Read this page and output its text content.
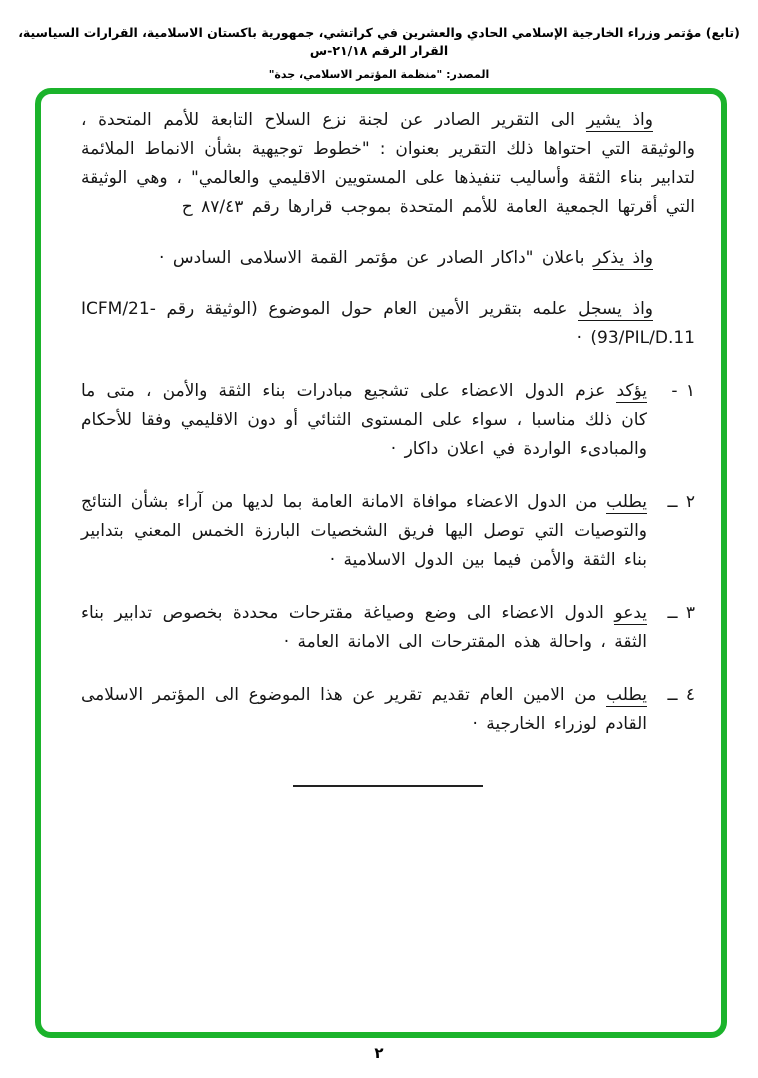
(تابع) مؤتمر وزراء الخارجية الإسلامي الحادي والعشرين في كراتشي، جمهورية باكستان الاسلامية، القرارات السياسية، القرار الرقم ٢١/١٨-س
المصدر: "منظمة المؤتمر الاسلامي، جدة"

واذ يشير الى التقرير الصادر عن لجنة نزع السلاح التابعة للأمم المتحدة ، والوثيقة التي احتواها ذلك التقرير بعنوان : "خطوط توجيهية بشأن الانماط الملائمة لتدابير بناء الثقة وأساليب تنفيذها على المستويين الاقليمي والعالمي" ، وهي الوثيقة التي أقرتها الجمعية العامة للأمم المتحدة بموجب قرارها رقم ٨٧/٤٣ ح

واذ يذكر باعلان "داكار الصادر عن مؤتمر القمة الاسلامى السادس ·

واذ يسجل علمه بتقرير الأمين العام حول الموضوع (الوثيقة رقم ICFM/21-93/PIL/D.11) ·

١ -

يؤكد عزم الدول الاعضاء على تشجيع مبادرات بناء الثقة والأمن ، متى ما كان ذلك مناسبا ، سواء على المستوى الثنائي أو دون الاقليمي وفقا للأحكام والمبادىء الواردة في اعلان داكار ·

٢ ــ

يطلب من الدول الاعضاء موافاة الامانة العامة بما لديها من آراء بشأن النتائج والتوصيات التي توصل اليها فريق الشخصيات البارزة الخمس المعني بتدابير بناء الثقة والأمن فيما بين الدول الاسلامية ·

٣ ــ

يدعو الدول الاعضاء الى وضع وصياغة مقترحات محددة بخصوص تدابير بناء الثقة ، واحالة هذه المقترحات الى الامانة العامة ·

٤ ــ

يطلب من الامين العام تقديم تقرير عن هذا الموضوع الى المؤتمر الاسلامى القادم لوزراء الخارجية ·

٢
